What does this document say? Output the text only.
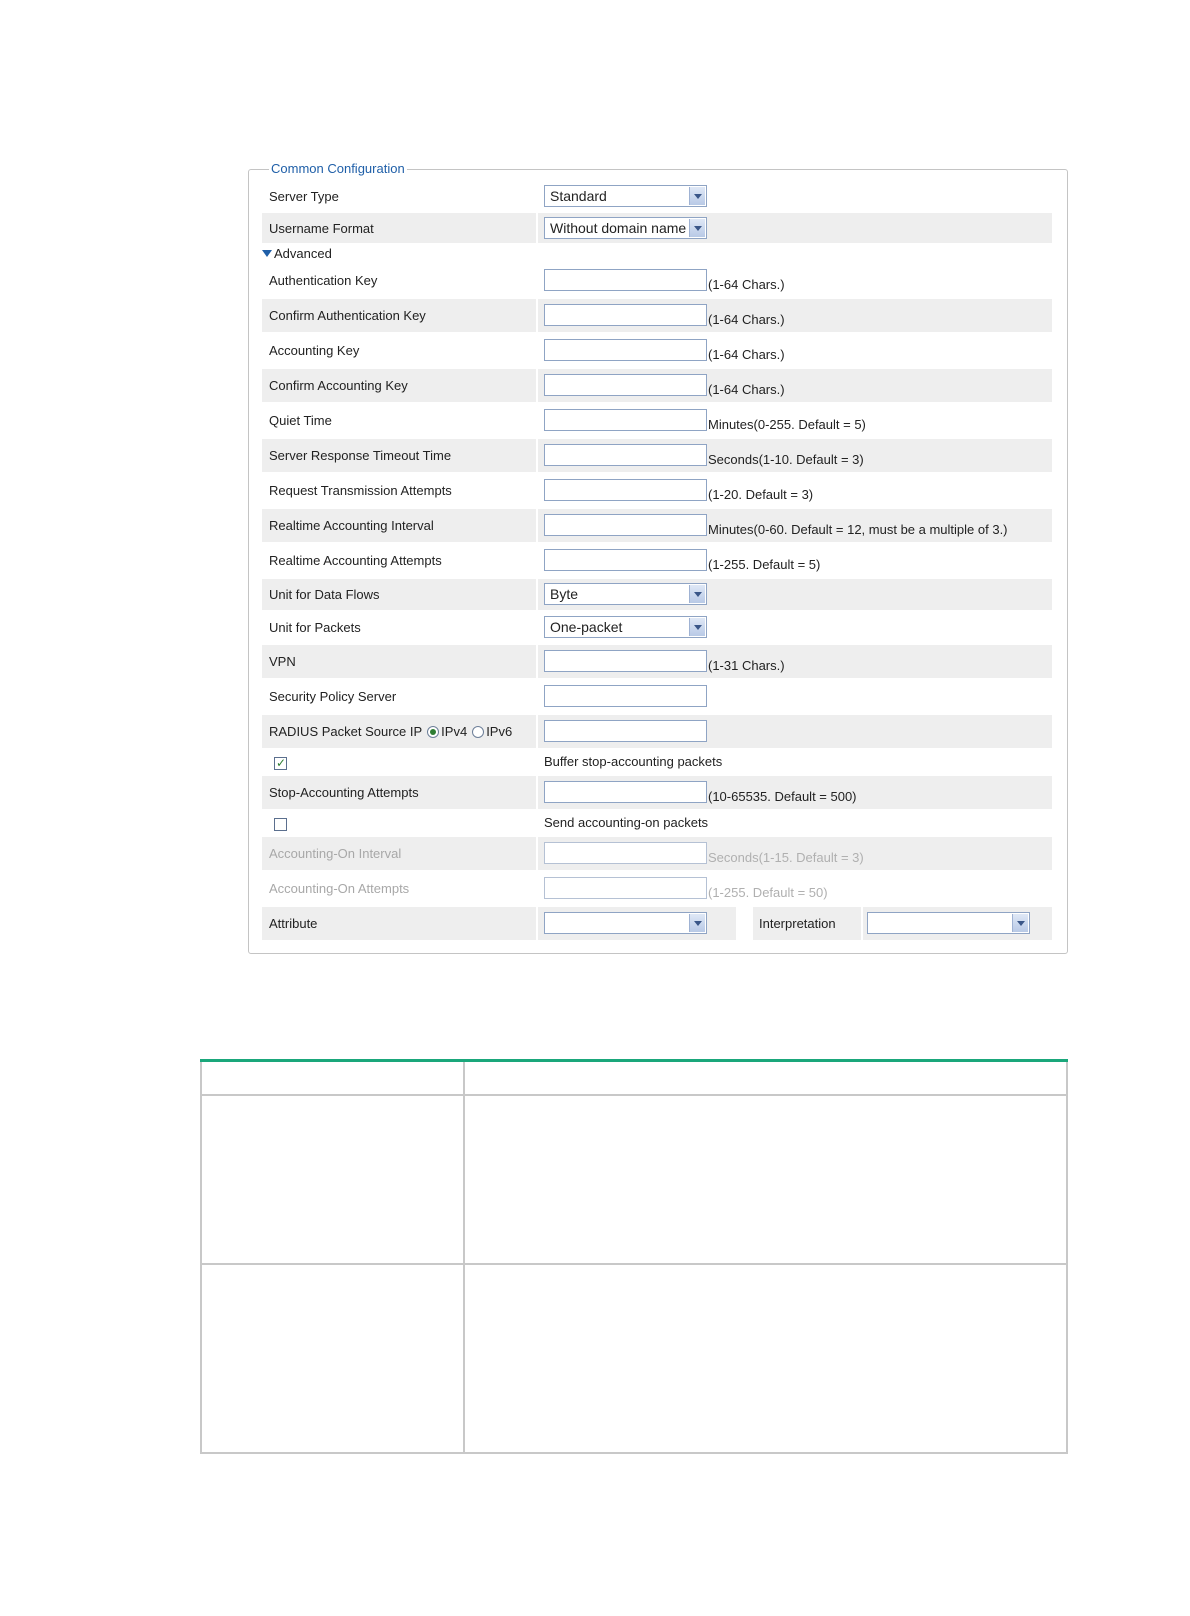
Common Configuration
Server Type	Standard
Username Format	Without domain name
Advanced
Authentication Key	(1-64 Chars.)
Confirm Authentication Key	(1-64 Chars.)
Accounting Key	(1-64 Chars.)
Confirm Accounting Key	(1-64 Chars.)
Quiet Time	Minutes(0-255. Default = 5)
Server Response Timeout Time	Seconds(1-10. Default = 3)
Request Transmission Attempts	(1-20. Default = 3)
Realtime Accounting Interval	Minutes(0-60. Default = 12, must be a multiple of 3.)
Realtime Accounting Attempts	(1-255. Default = 5)
Unit for Data Flows	Byte
Unit for Packets	One-packet
VPN	(1-31 Chars.)
Security Policy Server
RADIUS Packet Source IP IPv4 IPv6
✓	Buffer stop-accounting packets
Stop-Accounting Attempts	(10-65535. Default = 500)
Send accounting-on packets
Accounting-On Interval	Seconds(1-15. Default = 3)
Accounting-On Attempts	(1-255. Default = 50)
Attribute	Interpretation
